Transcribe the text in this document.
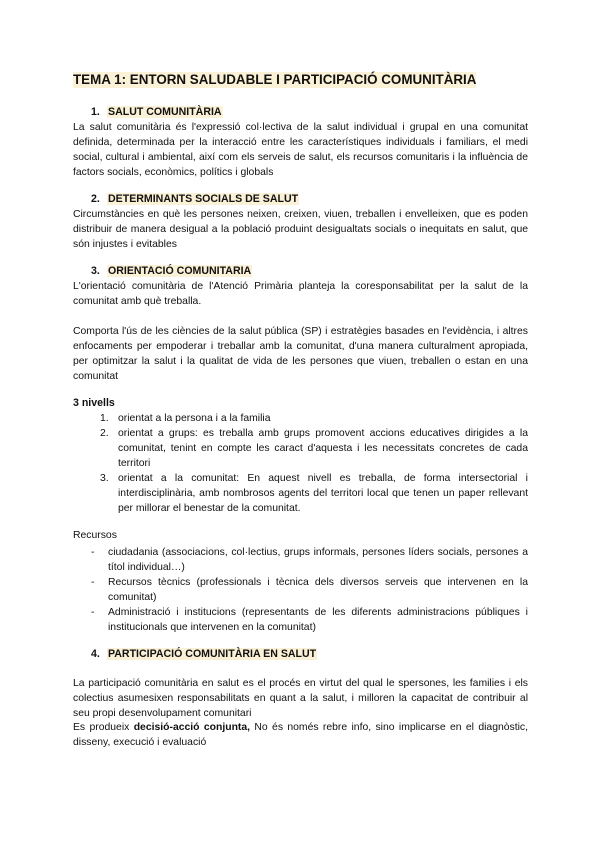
TEMA 1: ENTORN SALUDABLE I PARTICIPACIÓ COMUNITÀRIA
1. SALUT COMUNITÀRIA
La salut comunitària és l'expressió col·lectiva de la salut individual i grupal en una comunitat definida, determinada per la interacció entre les característiques individuals i familiars, el medi social, cultural i ambiental, així com els serveis de salut, els recursos comunitaris i la influència de factors socials, econòmics, polítics i globals
2. DETERMINANTS SOCIALS DE SALUT
Circumstàncies en què les persones neixen, creixen, viuen, treballen i envelleixen, que es poden distribuir de manera desigual a la població produint desigualtats socials o inequitats en salut, que són injustes i evitables
3. ORIENTACIÓ COMUNITARIA
L'orientació comunitària de l'Atenció Primària planteja la coresponsabilitat per la salut de la comunitat amb què treballa.
Comporta l'ús de les ciències de la salut pública (SP) i estratègies basades en l'evidència, i altres enfocaments per empoderar i treballar amb la comunitat, d'una manera culturalment apropiada, per optimitzar la salut i la qualitat de vida de les persones que viuen, treballen o estan en una comunitat
3 nivells
1. orientat a la persona i a la familia
2. orientat a grups: es treballa amb grups promovent accions educatives dirigides a la comunitat, tenint en compte les caract d'aquesta i les necessitats concretes de cada territori
3. orientat a la comunitat: En aquest nivell es treballa, de forma intersectorial i interdisciplinària, amb nombrosos agents del territori local que tenen un paper rellevant per millorar el benestar de la comunitat.
Recursos
- ciudadania (associacions, col·lectius, grups informals, persones líders socials, persones a títol individual…)
- Recursos tècnics (professionals i tècnica dels diversos serveis que intervenen en la comunitat)
- Administració i institucions (representants de les diferents administracions públiques i institucionals que intervenen en la comunitat)
4. PARTICIPACIÓ COMUNITÀRIA EN SALUT
La participació comunitària en salut es el procés en virtut del qual le spersones, les families i els colectius asumesixen responsabilitats en quant a la salut, i milloren la capacitat de contribuir al seu propi desenvolupament comunitari
Es produeix decisió-acció conjunta, No és només rebre info, sino implicarse en el diagnòstic, disseny, execució i evaluació
